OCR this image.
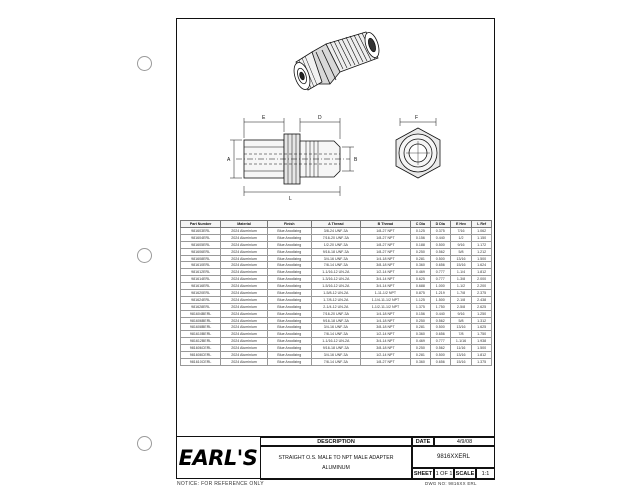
E	D
A	B
L
F
Part Number	Material	Finish	A Thread	B Thread	C Dia	D Dia	E Hex	L Ref
981603ERL	2024 Aluminium	Blue Anodizing	3/8-24 UNF-3A	1/8-27 NPT	0.125	0.375	7/16	1.062
981604ERL	2024 Aluminium	Blue Anodizing	7/16-20 UNF-3A	1/8-27 NPT	0.156	0.440	1/2	1.150
981605ERL	2024 Aluminium	Blue Anodizing	1/2-20 UNF-3A	1/8-27 NPT	0.188	0.500	9/16	1.172
981606ERL	2024 Aluminium	Blue Anodizing	9/16-18 UNF-3A	1/8-27 NPT	0.250	0.562	5/8	1.212
981608ERL	2024 Aluminium	Blue Anodizing	3/4-16 UNF-3A	1/4-18 NPT	0.281	0.500	13/16	1.500
981610ERL	2024 Aluminium	Blue Anodizing	7/8-14 UNF-3A	3/8-18 NPT	0.360	0.656	15/16	1.624
981612ERL	2024 Aluminium	Blue Anodizing	1-1/16-12 UN-2A	1/2-14 NPT	0.469	0.777	1-1/4	1.812
981614ERL	2024 Aluminium	Blue Anodizing	1-3/16-12 UN-2A	3/4-14 NPT	0.625	0.777	1-3/8	2.000
981616ERL	2024 Aluminium	Blue Anodizing	1-5/16-12 UN-2A	3/4-14 NPT	0.688	1.000	1-1/2	2.200
981620ERL	2024 Aluminium	Blue Anodizing	1-5/8-12 UN-2A	1-11-1/2 NPT	0.875	1.219	1-7/8	2.375
981624ERL	2024 Aluminium	Blue Anodizing	1-7/8-12 UN-2A	1-1/4-11-1/2 NPT	1.125	1.500	2-1/8	2.438
981628ERL	2024 Aluminium	Blue Anodizing	2-1/4-12 UN-2A	1-1/2-11-1/2 NPT	1.375	1.750	2-5/8	2.625
981604BERL	2024 Aluminium	Blue Anodizing	7/16-20 UNF-3A	1/4-18 NPT	0.156	0.440	9/16	1.250
981606BERL	2024 Aluminium	Blue Anodizing	9/16-18 UNF-3A	1/4-18 NPT	0.250	0.562	5/8	1.312
981608BERL	2024 Aluminium	Blue Anodizing	3/4-16 UNF-3A	3/8-18 NPT	0.281	0.500	13/16	1.625
981610BERL	2024 Aluminium	Blue Anodizing	7/8-14 UNF-3A	1/2-14 NPT	0.360	0.656	7/8	1.750
981612BERL	2024 Aluminium	Blue Anodizing	1-1/16-12 UN-2A	3/4-14 NPT	0.469	0.777	1-1/16	1.938
981606CERL	2024 Aluminium	Blue Anodizing	9/16-18 UNF-3A	3/8-18 NPT	0.250	0.562	11/16	1.500
981608CERL	2024 Aluminium	Blue Anodizing	3/4-16 UNF-3A	1/2-14 NPT	0.281	0.500	13/16	1.812
981610CERL	2024 Aluminium	Blue Anodizing	7/8-14 UNF-3A	1/8-27 NPT	0.360	0.656	15/16	1.375
EARL'S
DESCRIPTION
STRAIGHT O.S. MALE TO NPT MALE ADAPTER
ALUMINUM
DATE	4/9/08
9816XXERL
SHEET 1 OF 1 SCALE	1:1
NOTICE: FOR REFERENCE ONLY	DWG NO: 9816XX ERL
